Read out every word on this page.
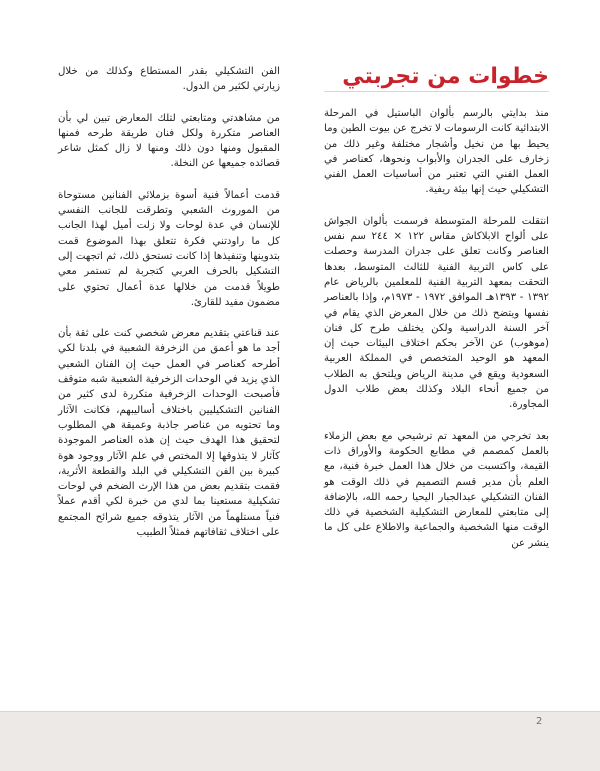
خطوات من تجربتي

منذ بدايتي بالرسم بألوان الباستيل في المرحلة الابتدائية كانت الرسومات لا تخرج عن بيوت الطين وما يحيط بها من نخيل وأشجار مختلفة وغير ذلك من زخارف على الجدران والأبواب ونحوها، كعناصر في العمل الفني التي تعتبر من أساسيات العمل الفني التشكيلي حيث إنها بيئة ريفية.

انتقلت للمرحلة المتوسطة فرسمت بألوان الجواش على ألواح الابلاكاش مقاس ١٢٢ × ٢٤٤ سم نفس العناصر وكانت تعلق على جدران المدرسة وحصلت على كاس التربية الفنية للثالث المتوسط، بعدها التحقت بمعهد التربية الفنية للمعلمين بالرياض عام ١٣٩٢ - ١٣٩٣هـ الموافق ١٩٧٢ - ١٩٧٣م، وإذا بالعناصر نفسها ويتضح ذلك من خلال المعرض الذي يقام في آخر السنة الدراسية ولكن يختلف طرح كل فنان (موهوب) عن الآخر بحكم اختلاف البيئات حيث إن المعهد هو الوحيد المتخصص في المملكة العربية السعودية ويقع في مدينة الرياض ويلتحق به الطلاب من جميع أنحاء البلاد وكذلك بعض طلاب الدول المجاورة.

بعد تخرجي من المعهد تم ترشيحي مع بعض الزملاء بالعمل كمصمم في مطابع الحكومة والأوراق ذات القيمة، واكتسبت من خلال هذا العمل خبرة فنية، مع العلم بأن مدير قسم التصميم في ذلك الوقت هو الفنان التشكيلي عبدالجبار اليحيا رحمه الله، بالإضافة إلى متابعتي للمعارض التشكيلية الشخصية في ذلك الوقت منها الشخصية والجماعية والاطلاع على كل ما ينشر عن

الفن التشكيلي بقدر المستطاع وكذلك من خلال زيارتي لكثير من الدول.

من مشاهدتي ومتابعتي لتلك المعارض تبين لي بأن العناصر متكررة ولكل فنان طريقة طرحه فمنها المقبول ومنها دون ذلك ومنها لا زال كمثل شاعر قصائده جميعها عن النخلة.

قدمت أعمالاً فنية أسوة بزملائي الفنانين مستوحاة من الموروث الشعبي وتطرقت للجانب النفسي للإنسان في عدة لوحات ولا زلت أميل لهذا الجانب كل ما راودتني فكرة تتعلق بهذا الموضوع قمت بتدوينها وتنفيذها إذا كانت تستحق ذلك، ثم اتجهت إلى التشكيل بالحرف العربي كتجربة لم تستمر معي طويلاً قدمت من خلالها عدة أعمال تحتوي على مضمون مفيد للقارئ.

عند قناعتي بتقديم معرض شخصي كنت على ثقة بأن أجد ما هو أعمق من الزخرفة الشعبية في بلدنا لكي أطرحه كعناصر في العمل حيث إن الفنان الشعبي الذي يزيد في الوحدات الزخرفية الشعبية شبه متوقف فأصبحت الوحدات الزخرفية متكررة لدى كثير من الفنانين التشكيليين باختلاف أساليبهم، فكانت الآثار وما تحتويه من عناصر جاذبة وعميقة هي المطلوب لتحقيق هذا الهدف حيث إن هذه العناصر الموجودة كآثار لا يتذوقها إلا المختص في علم الآثار ووجود هوة كبيرة بين الفن التشكيلي في البلد والقطعة الأثرية، فقمت بتقديم بعض من هذا الإرث الضخم في لوحات تشكيلية مستعينا بما لدي من خبرة لكي أقدم عملاً فنياً مستلهماً من الآثار يتذوقه جميع شرائح المجتمع على اختلاف ثقافاتهم فمثلاً الطبيب

2
